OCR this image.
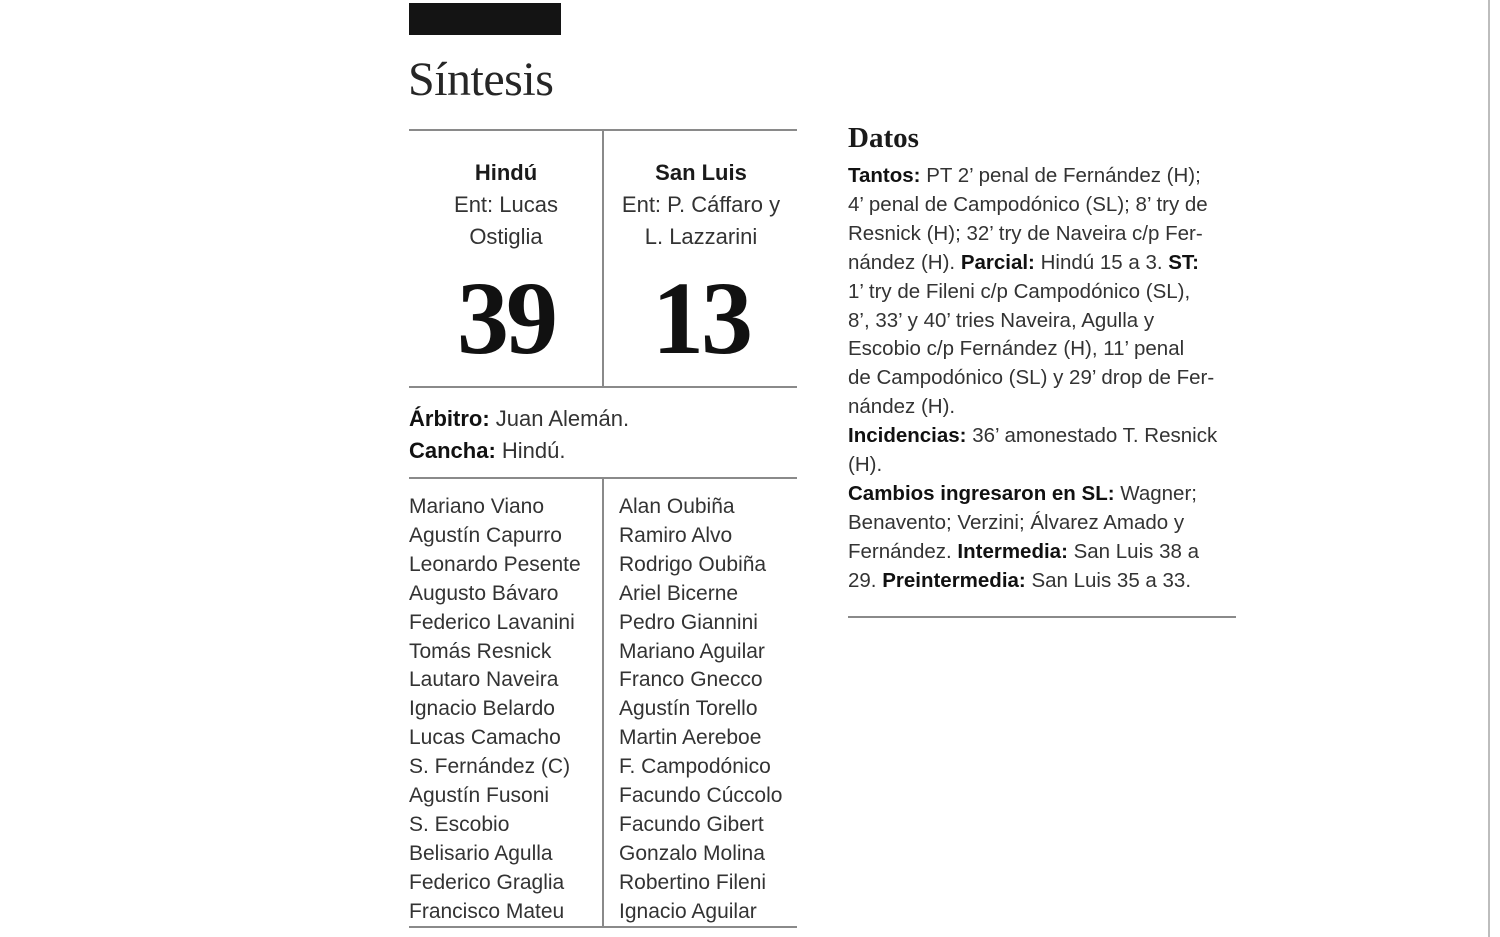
Síntesis
Hindú
Ent: Lucas
Ostiglia
San Luis
Ent: P. Cáffaro y
L. Lazzarini
39 13
Árbitro: Juan Alemán.
Cancha: Hindú.
Mariano Viano
Agustín Capurro
Leonardo Pesente
Augusto Bávaro
Federico Lavanini
Tomás Resnick
Lautaro Naveira
Ignacio Belardo
Lucas Camacho
S. Fernández (C)
Agustín Fusoni
S. Escobio
Belisario Agulla
Federico Graglia
Francisco Mateu
Alan Oubiña
Ramiro Alvo
Rodrigo Oubiña
Ariel Bicerne
Pedro Giannini
Mariano Aguilar
Franco Gnecco
Agustín Torello
Martin Aereboe
F. Campodónico
Facundo Cúccolo
Facundo Gibert
Gonzalo Molina
Robertino Fileni
Ignacio Aguilar
Datos
Tantos: PT 2’ penal de Fernández (H);
4’ penal de Campodónico (SL); 8’ try de
Resnick (H); 32’ try de Naveira c/p Fer-
nández (H). Parcial: Hindú 15 a 3. ST:
1’ try de Fileni c/p Campodónico (SL),
8’, 33’ y 40’ tries Naveira, Agulla y
Escobio c/p Fernández (H), 11’ penal
de Campodónico (SL) y 29’ drop de Fer-
nández (H).
Incidencias: 36’ amonestado T. Resnick
(H).
Cambios ingresaron en SL: Wagner;
Benavento; Verzini; Álvarez Amado y
Fernández. Intermedia: San Luis 38 a
29. Preintermedia: San Luis 35 a 33.
